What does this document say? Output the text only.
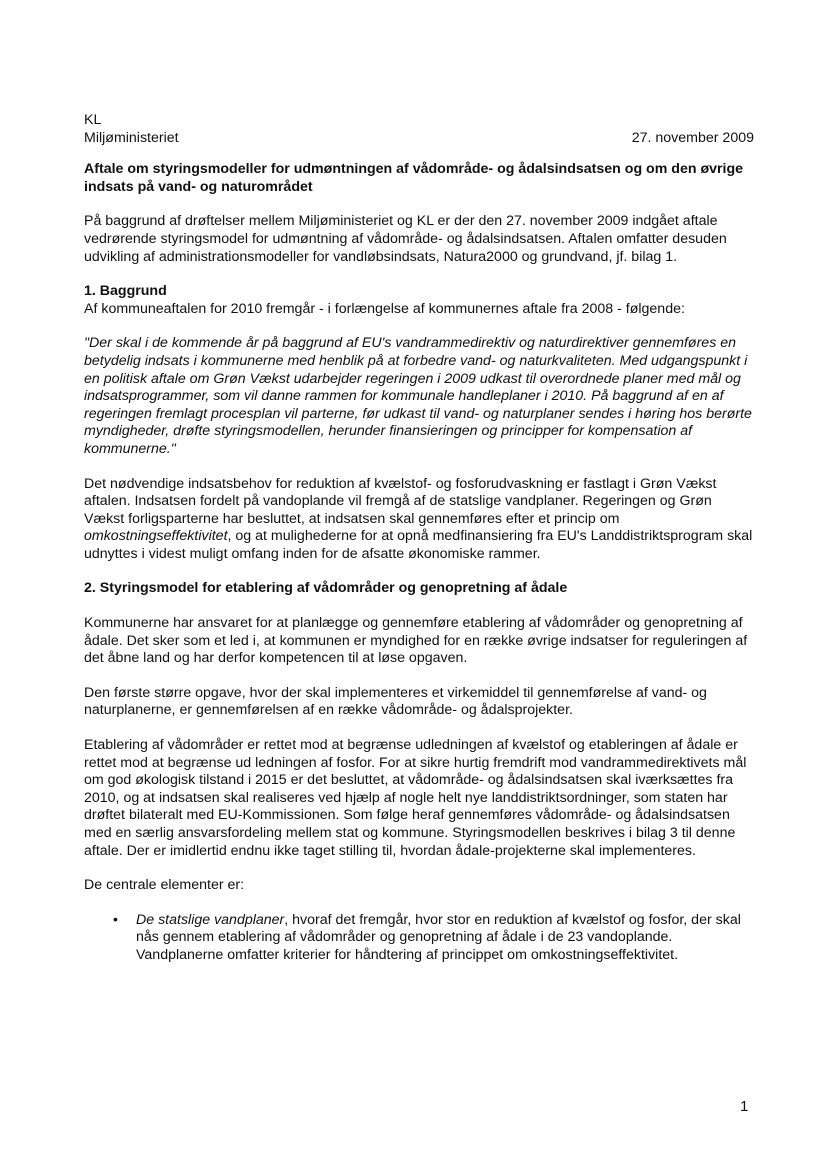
KL

Miljøministeriet	27. november 2009

Aftale om styringsmodeller for udmøntningen af vådområde- og ådalsindsatsen og om den øvrige indsats på vand- og naturområdet

På baggrund af drøftelser mellem Miljøministeriet og KL er der den 27. november 2009 indgået aftale vedrørende styringsmodel for udmøntning af vådområde- og ådalsindsatsen. Aftalen omfatter desuden udvikling af administrationsmodeller for vandløbsindsats, Natura2000 og grundvand, jf. bilag 1.

1. Baggrund

Af kommuneaftalen for 2010 fremgår - i forlængelse af kommunernes aftale fra 2008 - følgende:

"Der skal i de kommende år på baggrund af EU's vandrammedirektiv og naturdirektiver gennemføres en betydelig indsats i kommunerne med henblik på at forbedre vand- og naturkvaliteten. Med udgangspunkt i en politisk aftale om Grøn Vækst udarbejder regeringen i 2009 udkast til overordnede planer med mål og indsatsprogrammer, som vil danne rammen for kommunale handleplaner i 2010. På baggrund af en af regeringen fremlagt procesplan vil parterne, før udkast til vand- og naturplaner sendes i høring hos berørte myndigheder, drøfte styringsmodellen, herunder finansieringen og principper for kompensation af kommunerne."

Det nødvendige indsatsbehov for reduktion af kvælstof- og fosforudvaskning er fastlagt i Grøn Vækst aftalen. Indsatsen fordelt på vandoplande vil fremgå af de statslige vandplaner. Regeringen og Grøn Vækst forligsparterne har besluttet, at indsatsen skal gennemføres efter et princip om omkostningseffektivitet, og at mulighederne for at opnå medfinansiering fra EU's Landdistriktsprogram skal udnyttes i videst muligt omfang inden for de afsatte økonomiske rammer.

2. Styringsmodel for etablering af vådområder og genopretning af ådale

Kommunerne har ansvaret for at planlægge og gennemføre etablering af vådområder og genopretning af ådale. Det sker som et led i, at kommunen er myndighed for en række øvrige indsatser for reguleringen af det åbne land og har derfor kompetencen til at løse opgaven.

Den første større opgave, hvor der skal implementeres et virkemiddel til gennemførelse af vand- og naturplanerne, er gennemførelsen af en række vådområde- og ådalsprojekter.

Etablering af vådområder er rettet mod at begrænse udledningen af kvælstof og etableringen af ådale er rettet mod at begrænse ud ledningen af fosfor. For at sikre hurtig fremdrift mod vandrammedirektivets mål om god økologisk tilstand i 2015 er det besluttet, at vådområde- og ådalsindsatsen skal iværksættes fra 2010, og at indsatsen skal realiseres ved hjælp af nogle helt nye landdistriktsordninger, som staten har drøftet bilateralt med EU-Kommissionen. Som følge heraf gennemføres vådområde- og ådalsindsatsen med en særlig ansvarsfordeling mellem stat og kommune. Styringsmodellen beskrives i bilag 3 til denne aftale. Der er imidlertid endnu ikke taget stilling til, hvordan ådale-projekterne skal implementeres.

De centrale elementer er:

•	De statslige vandplaner, hvoraf det fremgår, hvor stor en reduktion af kvælstof og fosfor, der skal nås gennem etablering af vådområder og genopretning af ådale i de 23 vandoplande. Vandplanerne omfatter kriterier for håndtering af princippet om omkostningseffektivitet.
1
